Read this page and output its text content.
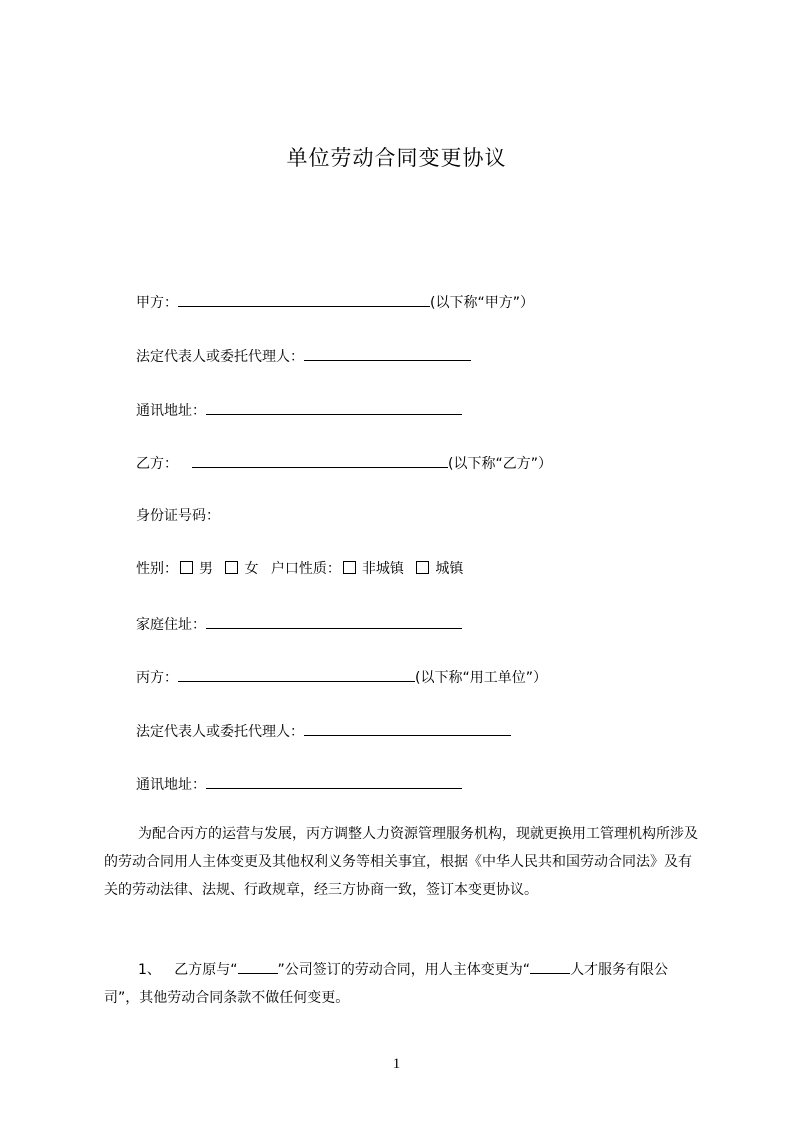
单位劳动合同变更协议
甲方：	(以下称“甲方”）
法定代表人或委托代理人：
通讯地址：
乙方：	(以下称“乙方”）
身份证号码：
性别： 男 女 户口性质： 非城镇 城镇
家庭住址：
丙方：	(以下称“用工单位”）
法定代表人或委托代理人：
通讯地址：

为配合丙方的运营与发展，丙方调整人力资源管理服务机构，现就更换用工管理机构所涉及的劳动合同用人主体变更及其他权利义务等相关事宜，根据《中华人民共和国劳动合同法》及有关的劳动法律、法规、行政规章，经三方协商一致，签订本变更协议。

1、 乙方原与“	”公司签订的劳动合同，用人主体变更为“	人才服务有限公司”，其他劳动合同条款不做任何变更。

1
